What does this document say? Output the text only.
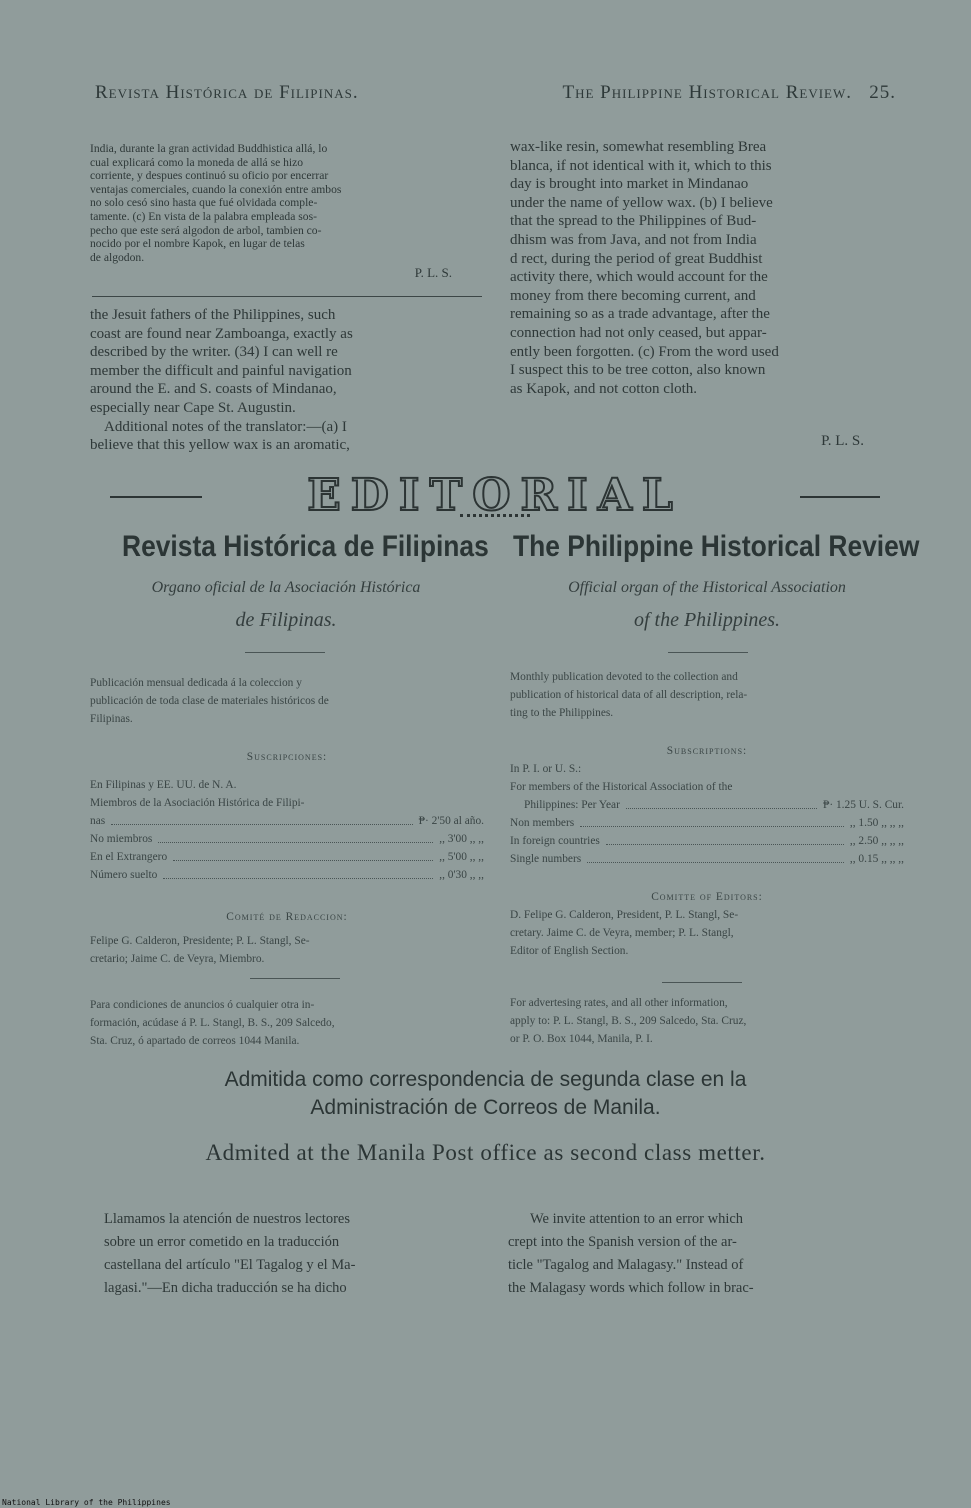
Revista Histórica de Filipinas.	The Philippine Historical Review. 25.
India, durante la gran actividad Buddhistica allá, lo
cual explicará como la moneda de allá se hizo
corriente, y despues continuó su oficio por encerrar
ventajas comerciales, cuando la conexión entre ambos
no solo cesó sino hasta que fué olvidada comple-
tamente. (c) En vista de la palabra empleada sos-
pecho que este será algodon de arbol, tambien co-
nocido por el nombre Kapok, en lugar de telas
de algodon.
P. L. S.
the Jesuit fathers of the Philippines, such
coast are found near Zamboanga, exactly as
described by the writer. (34) I can well re
member the difficult and painful navigation
around the E. and S. coasts of Mindanao,
especially near Cape St. Augustin.
Additional notes of the translator:—(a) I
believe that this yellow wax is an aromatic,
wax-like resin, somewhat resembling Brea
blanca, if not identical with it, which to this
day is brought into market in Mindanao
under the name of yellow wax. (b) I believe
that the spread to the Philippines of Bud-
dhism was from Java, and not from India
d rect, during the period of great Buddhist
activity there, which would account for the
money from there becoming current, and
remaining so as a trade advantage, after the
connection had not only ceased, but appar-
ently been forgotten. (c) From the word used
I suspect this to be tree cotton, also known
as Kapok, and not cotton cloth.
P. L. S.
EDITORIAL
Revista Histórica de Filipinas
Organo oficial de la Asociación Histórica
de Filipinas.
The Philippine Historical Review
Official organ of the Historical Association
of the Philippines.
Publicación mensual dedicada á la coleccion y
publicación de toda clase de materiales históricos de
Filipinas.
Suscripciones:
En Filipinas y EE. UU. de N. A.
Miembros de la Asociación Histórica de Filipi-
nas	₱· 2'50 al año.
No miembros	,, 3'00 ,, ,,
En el Extrangero	,, 5'00 ,, ,,
Número suelto	,, 0'30 ,, ,,
Comité de Redaccion:
Felipe G. Calderon, Presidente; P. L. Stangl, Se-
cretario; Jaime C. de Veyra, Miembro.
Para condiciones de anuncios ó cualquier otra in-
formación, acúdase á P. L. Stangl, B. S., 209 Salcedo,
Sta. Cruz, ó apartado de correos 1044 Manila.
Monthly publication devoted to the collection and
publication of historical data of all description, rela-
ting to the Philippines.
Subscriptions:
In P. I. or U. S.:
For members of the Historical Association of the
Philippines: Per Year	₱· 1.25 U. S. Cur.
Non members	,, 1.50 ,, ,, ,,
In foreign countries	,, 2.50 ,, ,, ,,
Single numbers	,, 0.15 ,, ,, ,,
Comitte of Editors:
D. Felipe G. Calderon, President, P. L. Stangl, Se-
cretary. Jaime C. de Veyra, member; P. L. Stangl,
Editor of English Section.
For advertesing rates, and all other information,
apply to: P. L. Stangl, B. S., 209 Salcedo, Sta. Cruz,
or P. O. Box 1044, Manila, P. I.
Admitida como correspondencia de segunda clase en la
Administración de Correos de Manila.
Admited at the Manila Post office as second class metter.
Llamamos la atención de nuestros lectores
sobre un error cometido en la traducción
castellana del artículo "El Tagalog y el Ma-
lagasi."—En dicha traducción se ha dicho
We invite attention to an error which
crept into the Spanish version of the ar-
ticle "Tagalog and Malagasy." Instead of
the Malagasy words which follow in brac-
National Library of the Philippines
